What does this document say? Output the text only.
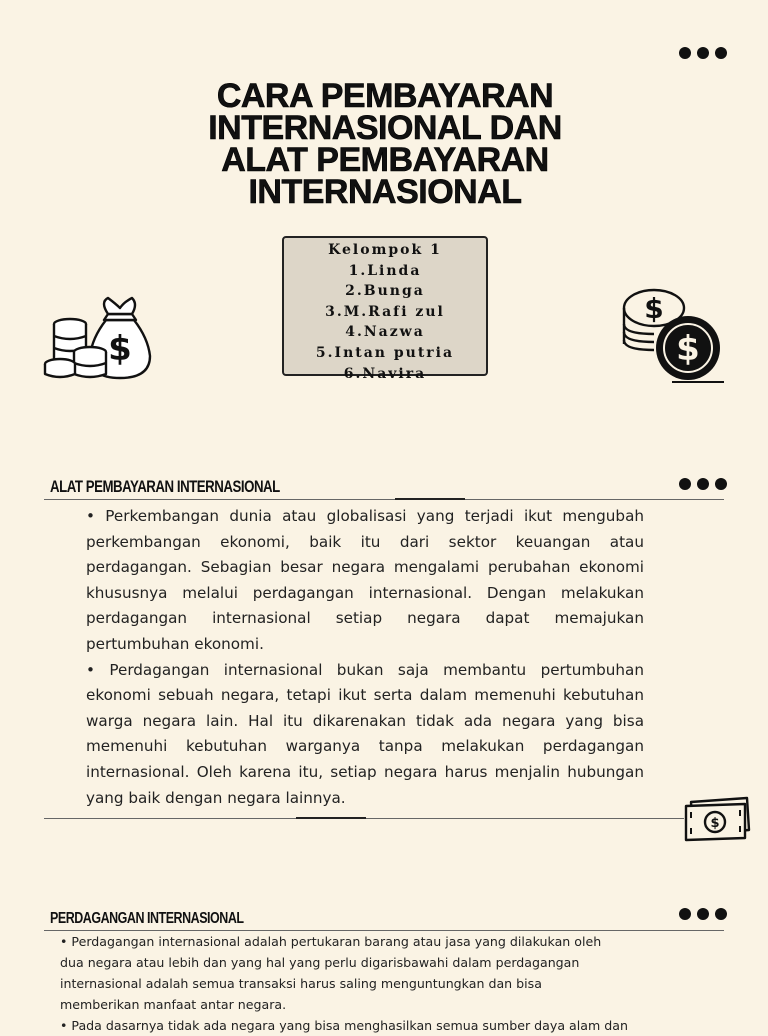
CARA PEMBAYARAN INTERNASIONAL DAN ALAT PEMBAYARAN INTERNASIONAL
$
Kelompok 1
1.Linda
2.Bunga
3.M.Rafi zul
4.Nazwa
5.Intan putria
6.Navira
$
$
ALAT PEMBAYARAN INTERNASIONAL

• Perkembangan dunia atau globalisasi yang terjadi ikut mengubah perkembangan ekonomi, baik itu dari sektor keuangan atau perdagangan. Sebagian besar negara mengalami perubahan ekonomi khususnya melalui perdagangan internasional. Dengan melakukan perdagangan internasional setiap negara dapat memajukan pertumbuhan ekonomi.

• Perdagangan internasional bukan saja membantu pertumbuhan ekonomi sebuah negara, tetapi ikut serta dalam memenuhi kebutuhan warga negara lain. Hal itu dikarenakan tidak ada negara yang bisa memenuhi kebutuhan warganya tanpa melakukan perdagangan internasional. Oleh karena itu, setiap negara harus menjalin hubungan yang baik dengan negara lainnya.

$
PERDAGANGAN INTERNASIONAL

• Perdagangan internasional adalah pertukaran barang atau jasa yang dilakukan oleh dua negara atau lebih dan yang hal yang perlu digarisbawahi dalam perdagangan internasional adalah semua transaksi harus saling menguntungkan dan bisa memberikan manfaat antar negara.

• Pada dasarnya tidak ada negara yang bisa menghasilkan semua sumber daya alam dan
